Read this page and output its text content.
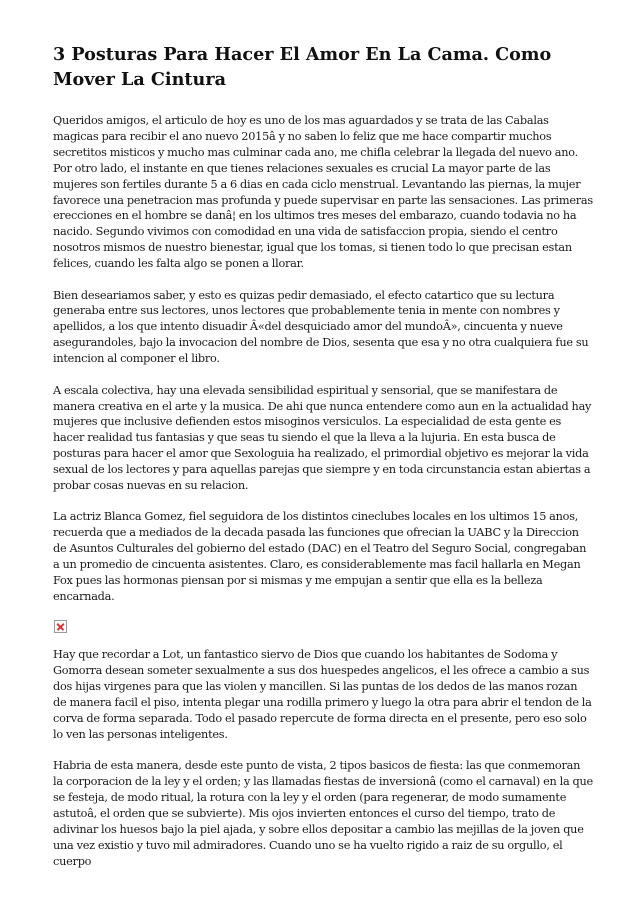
3 Posturas Para Hacer El Amor En La Cama. Como Mover La Cintura

Queridos amigos, el articulo de hoy es uno de los mas aguardados y se trata de las Cabalas magicas para recibir el ano nuevo 2015â y no saben lo feliz que me hace compartir muchos secretitos misticos y mucho mas culminar cada ano, me chifla celebrar la llegada del nuevo ano. Por otro lado, el instante en que tienes relaciones sexuales es crucial La mayor parte de las mujeres son fertiles durante 5 a 6 dias en cada ciclo menstrual. Levantando las piernas, la mujer favorece una penetracion mas profunda y puede supervisar en parte las sensaciones. Las primeras erecciones en el hombre se danâ¦ en los ultimos tres meses del embarazo, cuando todavia no ha nacido. Segundo vivimos con comodidad en una vida de satisfaccion propia, siendo el centro nosotros mismos de nuestro bienestar, igual que los tomas, si tienen todo lo que precisan estan felices, cuando les falta algo se ponen a llorar.

Bien deseariamos saber, y esto es quizas pedir demasiado, el efecto catartico que su lectura generaba entre sus lectores, unos lectores que probablemente tenia in mente con nombres y apellidos, a los que intento disuadir Â«del desquiciado amor del mundoÂ», cincuenta y nueve asegurandoles, bajo la invocacion del nombre de Dios, sesenta que esa y no otra cualquiera fue su intencion al componer el libro.

A escala colectiva, hay una elevada sensibilidad espiritual y sensorial, que se manifestara de manera creativa en el arte y la musica. De ahi que nunca entendere como aun en la actualidad hay mujeres que inclusive defienden estos misoginos versiculos. La especialidad de esta gente es hacer realidad tus fantasias y que seas tu siendo el que la lleva a la lujuria. En esta busca de posturas para hacer el amor que Sexologuia ha realizado, el primordial objetivo es mejorar la vida sexual de los lectores y para aquellas parejas que siempre y en toda circunstancia estan abiertas a probar cosas nuevas en su relacion.

La actriz Blanca Gomez, fiel seguidora de los distintos cineclubes locales en los ultimos 15 anos, recuerda que a mediados de la decada pasada las funciones que ofrecian la UABC y la Direccion de Asuntos Culturales del gobierno del estado (DAC) en el Teatro del Seguro Social, congregaban a un promedio de cincuenta asistentes. Claro, es considerablemente mas facil hallarla en Megan Fox pues las hormonas piensan por si mismas y me empujan a sentir que ella es la belleza encarnada.

Hay que recordar a Lot, un fantastico siervo de Dios que cuando los habitantes de Sodoma y Gomorra desean someter sexualmente a sus dos huespedes angelicos, el les ofrece a cambio a sus dos hijas virgenes para que las violen y mancillen. Si las puntas de los dedos de las manos rozan de manera facil el piso, intenta plegar una rodilla primero y luego la otra para abrir el tendon de la corva de forma separada. Todo el pasado repercute de forma directa en el presente, pero eso solo lo ven las personas inteligentes.

Habria de esta manera, desde este punto de vista, 2 tipos basicos de fiesta: las que conmemoran la corporacion de la ley y el orden; y las llamadas fiestas de inversionâ (como el carnaval) en la que se festeja, de modo ritual, la rotura con la ley y el orden (para regenerar, de modo sumamente astutoâ, el orden que se subvierte). Mis ojos invierten entonces el curso del tiempo, trato de adivinar los huesos bajo la piel ajada, y sobre ellos depositar a cambio las mejillas de la joven que una vez existio y tuvo mil admiradores. Cuando uno se ha vuelto rigido a raiz de su orgullo, el cuerpo
